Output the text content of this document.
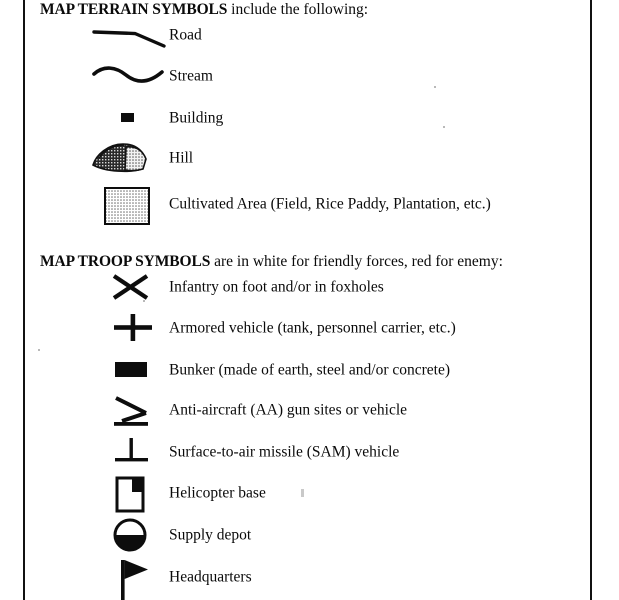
MAP TERRAIN SYMBOLS include the following:
Road
Stream
Building
Hill
Cultivated Area (Field, Rice Paddy, Plantation, etc.)
MAP TROOP SYMBOLS are in white for friendly forces, red for enemy:
Infantry on foot and/or in foxholes
Armored vehicle (tank, personnel carrier, etc.)
Bunker (made of earth, steel and/or concrete)
Anti-aircraft (AA) gun sites or vehicle
Surface-to-air missile (SAM) vehicle
Helicopter base
Supply depot
Headquarters
